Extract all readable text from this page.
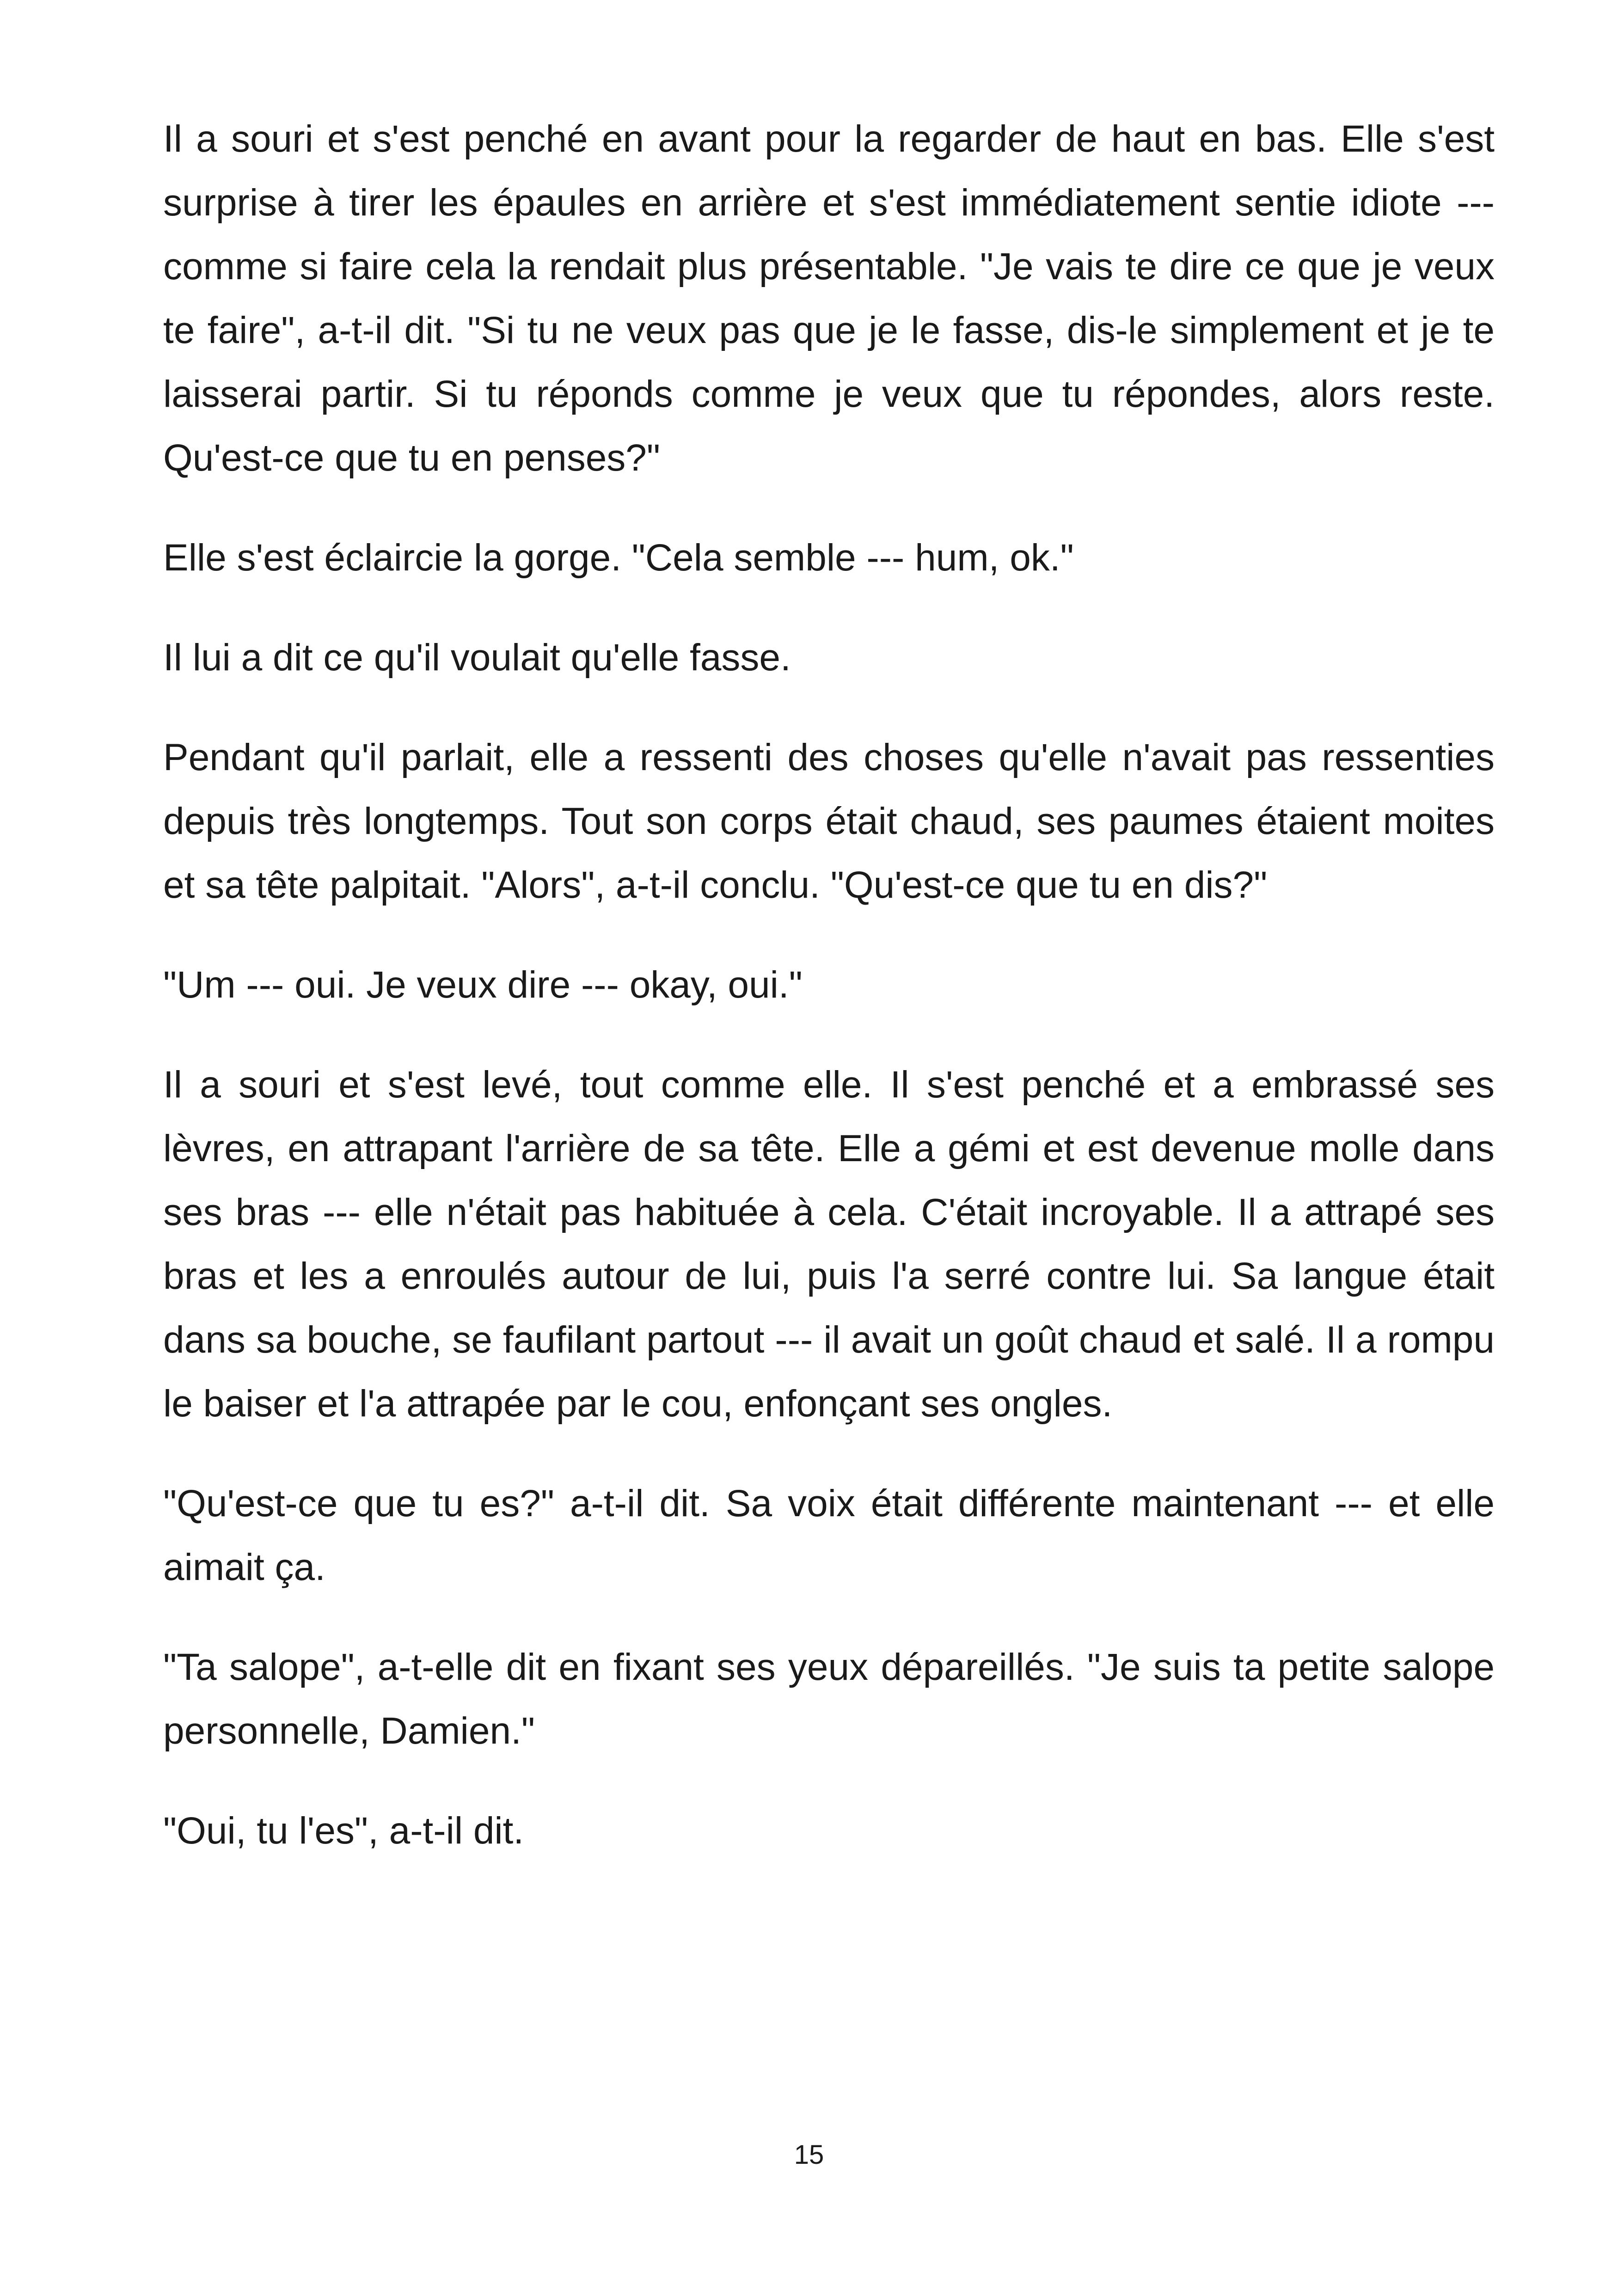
Il a souri et s'est penché en avant pour la regarder de haut en bas. Elle s'est surprise à tirer les épaules en arrière et s'est immédiatement sentie idiote --- comme si faire cela la rendait plus présentable. "Je vais te dire ce que je veux te faire", a-t-il dit. "Si tu ne veux pas que je le fasse, dis-le simplement et je te laisserai partir. Si tu réponds comme je veux que tu répondes, alors reste. Qu'est-ce que tu en penses?"

Elle s'est éclaircie la gorge. "Cela semble --- hum, ok."

Il lui a dit ce qu'il voulait qu'elle fasse.

Pendant qu'il parlait, elle a ressenti des choses qu'elle n'avait pas ressenties depuis très longtemps. Tout son corps était chaud, ses paumes étaient moites et sa tête palpitait. "Alors", a-t-il conclu. "Qu'est-ce que tu en dis?"

"Um --- oui. Je veux dire --- okay, oui."

Il a souri et s'est levé, tout comme elle. Il s'est penché et a embrassé ses lèvres, en attrapant l'arrière de sa tête. Elle a gémi et est devenue molle dans ses bras --- elle n'était pas habituée à cela. C'était incroyable. Il a attrapé ses bras et les a enroulés autour de lui, puis l'a serré contre lui. Sa langue était dans sa bouche, se faufilant partout --- il avait un goût chaud et salé. Il a rompu le baiser et l'a attrapée par le cou, enfonçant ses ongles.

"Qu'est-ce que tu es?" a-t-il dit. Sa voix était différente maintenant --- et elle aimait ça.

"Ta salope", a-t-elle dit en fixant ses yeux dépareillés. "Je suis ta petite salope personnelle, Damien."

"Oui, tu l'es", a-t-il dit.

15
